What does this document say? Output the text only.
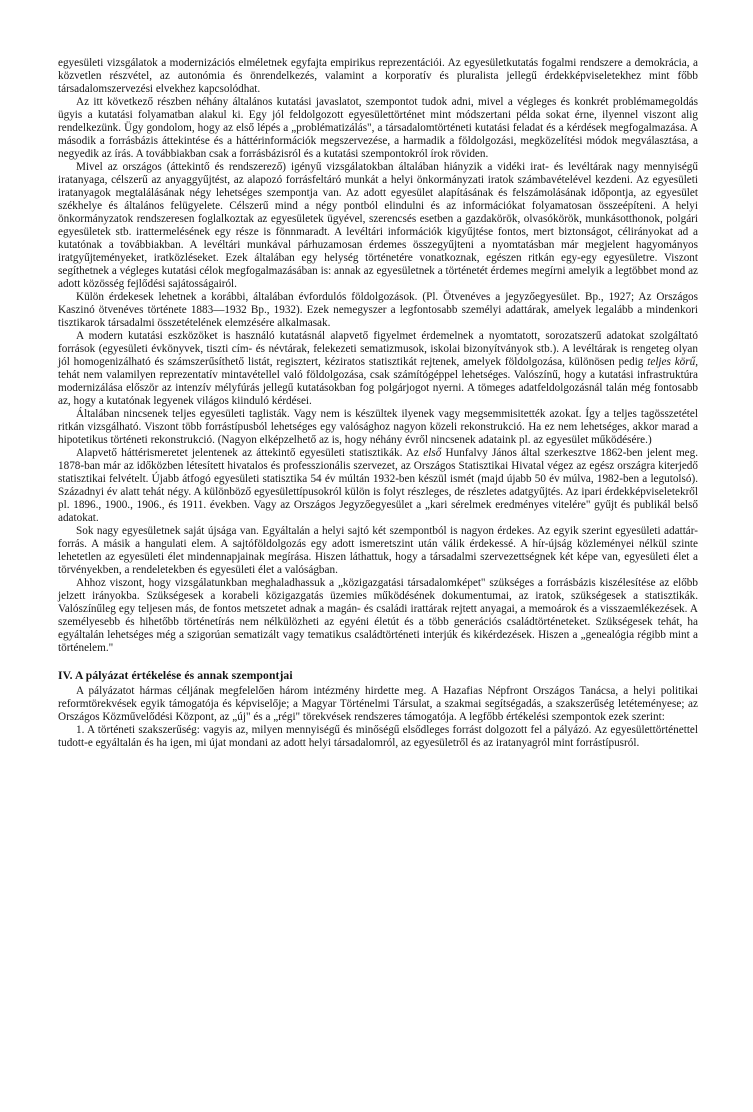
egyesületi vizsgálatok a modernizációs elméletnek egyfajta empirikus reprezentációi. Az egyesületkutatás fogalmi rendszere a demokrácia, a közvetlen részvétel, az autonómia és önrendelkezés, valamint a korporatív és pluralista jellegű érdekképviseletekhez mint főbb társadalomszervezési elvekhez kapcsolódhat.

Az itt következő részben néhány általános kutatási javaslatot, szempontot tudok adni, mivel a végleges és konkrét problémamegoldás ügyis a kutatási folyamatban alakul ki. Egy jól feldolgozott egyesülettörténet mint módszertani példa sokat érne, ilyennel viszont alig rendelkezünk. Ügy gondolom, hogy az első lépés a „problématizálás", a társadalomtörténeti kutatási feladat és a kérdések megfogalmazása. A második a forrásbázis áttekintése és a háttérinformációk megszervezése, a harmadik a földolgozási, megközelítési módok megválasztása, a negyedik az írás. A továbbiakban csak a forrásbázisról és a kutatási szempontokról írok röviden.

Mivel az országos (áttekintő és rendszerező) igényű vizsgálatokban általában hiányzik a vidéki irat- és levéltárak nagy mennyiségű iratanyaga, célszerű az anyaggyűjtést, az alapozó forrásfeltáró munkát a helyi önkormányzati iratok számbavételével kezdeni. Az egyesületi iratanyagok megtalálásának négy lehetséges szempontja van. Az adott egyesület alapításának és felszámolásának időpontja, az egyesület székhelye és általános felügyelete. Célszerű mind a négy pontból elindulni és az információkat folyamatosan összeépíteni. A helyi önkormányzatok rendszeresen foglalkoztak az egyesületek ügyével, szerencsés esetben a gazdakörök, olvasókörök, munkásotthonok, polgári egyesületek stb. irattermelésének egy része is fönnmaradt. A levéltári információk kigyűjtése fontos, mert biztonságot, célirányokat ad a kutatónak a továbbiakban. A levéltári munkával párhuzamosan érdemes összegyűjteni a nyomtatásban már megjelent hagyományos iratgyűjteményeket, iratközléseket. Ezek általában egy helység történetére vonatkoznak, egészen ritkán egy-egy egyesületre. Viszont segíthetnek a végleges kutatási célok megfogalmazásában is: annak az egyesületnek a történetét érdemes megírni amelyik a legtöbbet mond az adott közösség fejlődési sajátosságairól.

Külön érdekesek lehetnek a korábbi, általában évfordulós földolgozások. (Pl. Ötvenéves a jegyzőegyesület. Bp., 1927; Az Országos Kaszinó ötvenéves története 1883—1932 Bp., 1932). Ezek nemegyszer a legfontosabb személyi adattárak, amelyek legalább a mindenkori tisztikarok társadalmi összetételének elemzésére alkalmasak.

A modern kutatási eszközöket is használó kutatásnál alapvető figyelmet érdemelnek a nyomtatott, sorozatszerű adatokat szolgáltató források (egyesületi évkönyvek, tiszti cím- és névtárak, felekezeti sematizmusok, iskolai bizonyítványok stb.). A levéltárak is rengeteg olyan jól homogenizálható és számszerűsíthető listát, regisztert, kéziratos statisztikát rejtenek, amelyek földolgozása, különösen pedig teljes körű, tehát nem valamilyen reprezentatív mintavétellel való földolgozása, csak számítógéppel lehetséges. Valószínű, hogy a kutatási infrastruktúra modernizálása először az intenzív mélyfúrás jellegű kutatásokban fog polgárjogot nyerni. A tömeges adatfeldolgozásnál talán még fontosabb az, hogy a kutatónak legyenek világos kiinduló kérdései.

Általában nincsenek teljes egyesületi taglisták. Vagy nem is készültek ilyenek vagy megsemmisitették azokat. Így a teljes tagösszetétel ritkán vizsgálható. Viszont több forrástípusból lehetséges egy valósághoz nagyon közeli rekonstrukció. Ha ez nem lehetséges, akkor marad a hipotetikus történeti rekonstrukció. (Nagyon elképzelhető az is, hogy néhány évről nincsenek adataink pl. az egyesület működésére.)

Alapvető háttérismeretet jelentenek az áttekintő egyesületi statisztikák. Az első Hunfalvy János által szerkesztve 1862-ben jelent meg. 1878-ban már az időközben létesített hivatalos és professzionális szervezet, az Országos Statisztikai Hivatal végez az egész országra kiterjedő statisztikai felvételt. Újabb átfogó egyesületi statisztika 54 év múltán 1932-ben készül ismét (majd újabb 50 év múlva, 1982-ben a legutolsó). Századnyi év alatt tehát négy. A különböző egyesülettípusokról külön is folyt részleges, de részletes adatgyűjtés. Az ipari érdekképviseletekről pl. 1896., 1900., 1906., és 1911. években. Vagy az Országos Jegyzőegyesület a „kari sérelmek eredményes vitelére" gyűjt és publikál belső adatokat.

Sok nagy egyesületnek saját újsága van. Egyáltalán a helyi sajtó két szempontból is nagyon érdekes. Az egyik szerint egyesületi adattár-forrás. A másik a hangulati elem. A sajtóföldolgozás egy adott ismeretszint után válik érdekessé. A hír-újság közleményei nélkül szinte lehetetlen az egyesületi élet mindennapjainak megírása. Hiszen láthattuk, hogy a társadalmi szervezettségnek két képe van, egyesületi élet a törvényekben, a rendeletekben és egyesületi élet a valóságban.

Ahhoz viszont, hogy vizsgálatunkban meghaladhassuk a „közigazgatási társadalomképet" szükséges a forrásbázis kiszélesítése az előbb jelzett irányokba. Szükségesek a korabeli közigazgatás üzemies működésének dokumentumai, az iratok, szükségesek a statisztikák. Valószínűleg egy teljesen más, de fontos metszetet adnak a magán- és családi irattárak rejtett anyagai, a memoárok és a visszaemlékezések. A személyesebb és hihetőbb történetírás nem nélkülözheti az egyéni életút és a több generációs családtörténeteket. Szükségesek tehát, ha egyáltalán lehetséges még a szigorúan sematizált vagy tematikus családtörténeti interjúk és kikérdezések. Hiszen a „genealógia régibb mint a történelem."

IV. A pályázat értékelése és annak szempontjai

A pályázatot hármas céljának megfelelően három intézmény hirdette meg. A Hazafias Népfront Országos Tanácsa, a helyi politikai reformtörekvések egyik támogatója és képviselője; a Magyar Történelmi Társulat, a szakmai segítségadás, a szakszerűség letéteményese; az Országos Közművelődési Központ, az „új" és a „régi" törekvések rendszeres támogatója. A legfőbb értékelési szempontok ezek szerint:

1. A történeti szakszerűség: vagyis az, milyen mennyiségű és minőségű elsődleges forrást dolgozott fel a pályázó. Az egyesülettörténettel tudott-e egyáltalán és ha igen, mi újat mondani az adott helyi társadalomról, az egyesületről és az iratanyagról mint forrástípusról.
